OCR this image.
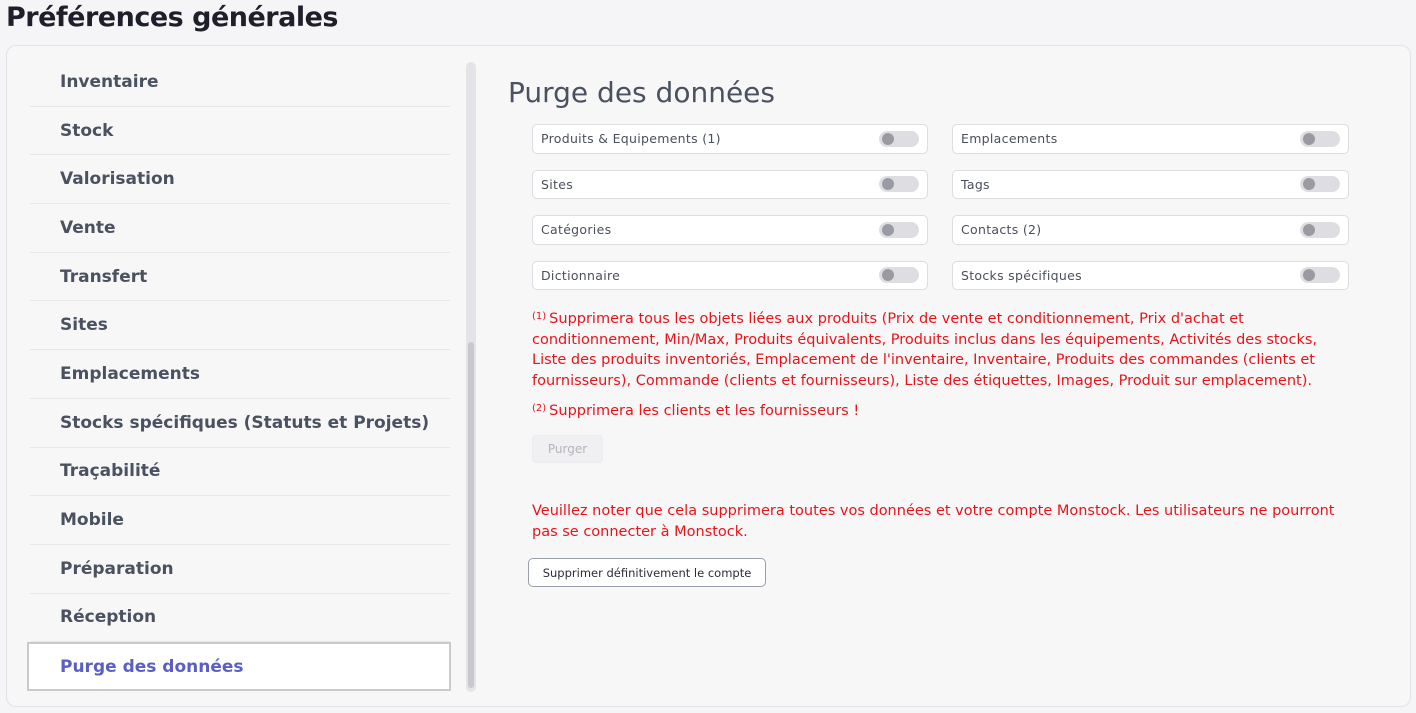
Préférences générales
Inventaire
Stock
Valorisation
Vente
Transfert
Sites
Emplacements
Stocks spécifiques (Statuts et Projets)
Traçabilité
Mobile
Préparation
Réception
Purge des données
Purge des données
Produits & Equipements (1)	Emplacements
Sites	Tags
Catégories	Contacts (2)
Dictionnaire	Stocks spécifiques
$^{(1)}$ Supprimera tous les objets liées aux produits (Prix de vente et conditionnement, Prix d'achat et conditionnement, Min/Max, Produits équivalents, Produits inclus dans les équipements, Activités des stocks, Liste des produits inventoriés, Emplacement de l'inventaire, Inventaire, Produits des commandes (clients et fournisseurs), Commande (clients et fournisseurs), Liste des étiquettes, Images, Produit sur emplacement).
$^{(2)}$ Supprimera les clients et les fournisseurs !
Purger
Veuillez noter que cela supprimera toutes vos données et votre compte Monstock. Les utilisateurs ne pourront pas se connecter à Monstock.
Supprimer définitivement le compte
